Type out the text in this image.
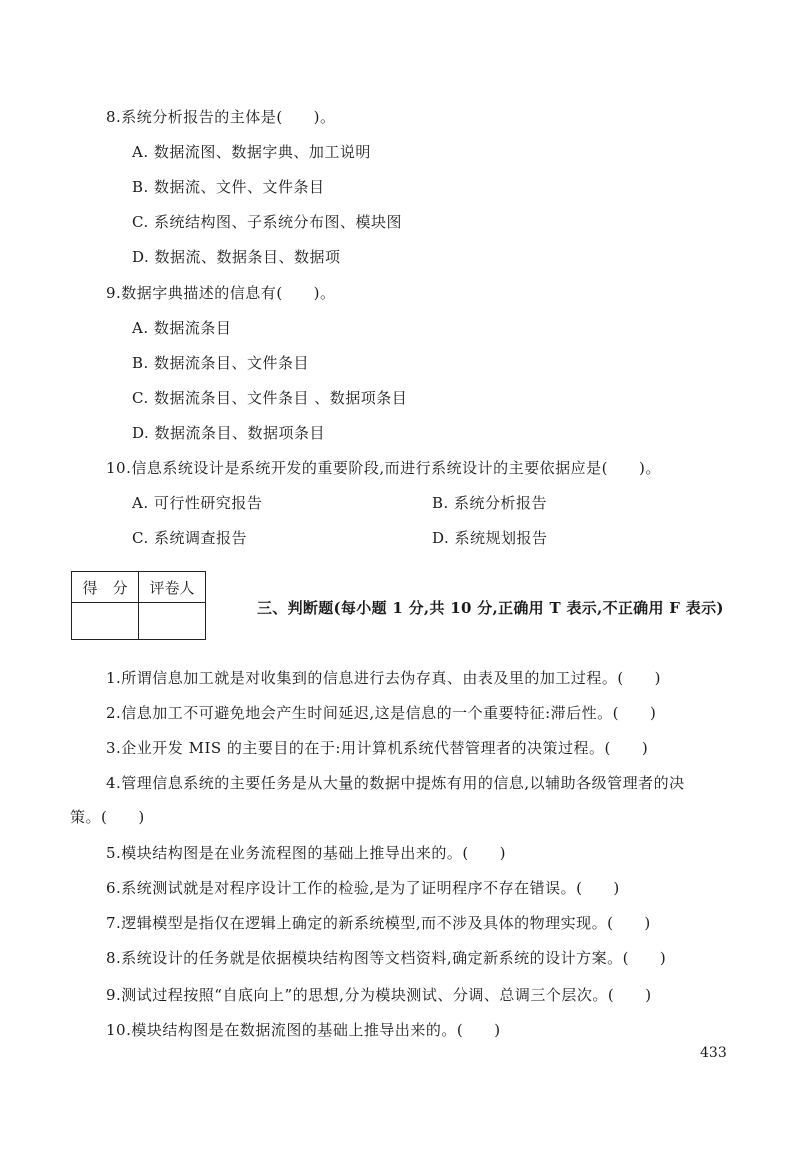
8.系统分析报告的主体是(　　)。
A. 数据流图、数据字典、加工说明
B. 数据流、文件、文件条目
C. 系统结构图、子系统分布图、模块图
D. 数据流、数据条目、数据项
9.数据字典描述的信息有(　　)。
A. 数据流条目
B. 数据流条目、文件条目
C. 数据流条目、文件条目 、数据项条目
D. 数据流条目、数据项条目
10.信息系统设计是系统开发的重要阶段,而进行系统设计的主要依据应是(　　)。
A. 可行性研究报告	B. 系统分析报告
C. 系统调查报告	D. 系统规划报告
得　分	评卷人

三、判断题(每小题 1 分,共 10 分,正确用 T 表示,不正确用 F 表示)
1.所谓信息加工就是对收集到的信息进行去伪存真、由表及里的加工过程。(　　)
2.信息加工不可避免地会产生时间延迟,这是信息的一个重要特征:滞后性。(　　)
3.企业开发 MIS 的主要目的在于:用计算机系统代替管理者的决策过程。(　　)
4.管理信息系统的主要任务是从大量的数据中提炼有用的信息,以辅助各级管理者的决
策。(　　)
5.模块结构图是在业务流程图的基础上推导出来的。(　　)
6.系统测试就是对程序设计工作的检验,是为了证明程序不存在错误。(　　)
7.逻辑模型是指仅在逻辑上确定的新系统模型,而不涉及具体的物理实现。(　　)
8.系统设计的任务就是依据模块结构图等文档资料,确定新系统的设计方案。(　　)
9.测试过程按照“自底向上”的思想,分为模块测试、分调、总调三个层次。(　　)
10.模块结构图是在数据流图的基础上推导出来的。(　　)
433
